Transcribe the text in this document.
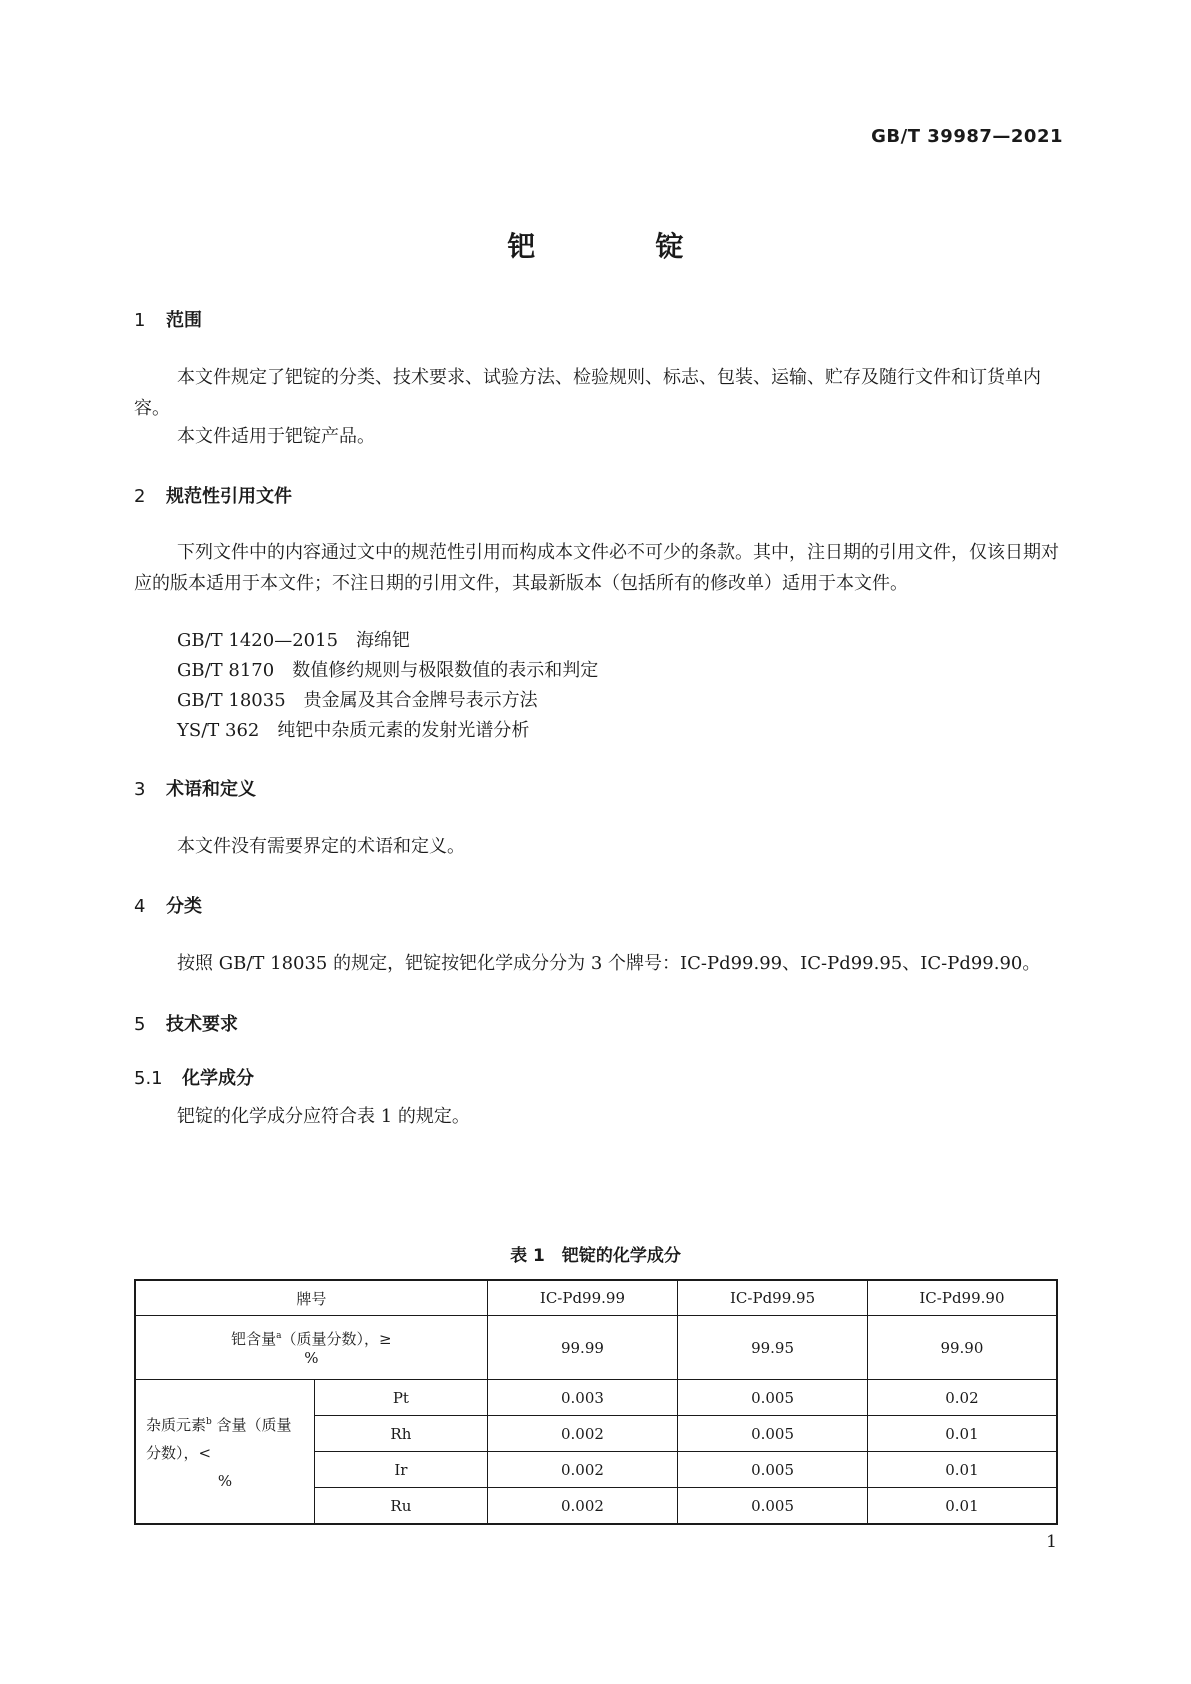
GB/T 39987—2021
钯锭
1 范围
本文件规定了钯锭的分类、技术要求、试验方法、检验规则、标志、包装、运输、贮存及随行文件和订货单内容。
本文件适用于钯锭产品。
2 规范性引用文件
下列文件中的内容通过文中的规范性引用而构成本文件必不可少的条款。其中，注日期的引用文件，仅该日期对应的版本适用于本文件；不注日期的引用文件，其最新版本（包括所有的修改单）适用于本文件。
GB/T 1420—2015 海绵钯
GB/T 8170 数值修约规则与极限数值的表示和判定
GB/T 18035 贵金属及其合金牌号表示方法
YS/T 362 纯钯中杂质元素的发射光谱分析
3 术语和定义
本文件没有需要界定的术语和定义。
4 分类
按照 GB/T 18035 的规定，钯锭按钯化学成分分为 3 个牌号：IC-Pd99.99、IC-Pd99.95、IC-Pd99.90。
5 技术要求
5.1 化学成分
钯锭的化学成分应符合表 1 的规定。
表 1　钯锭的化学成分
牌号		IC-Pd99.99	IC-Pd99.95	IC-Pd99.90
钯含量$^a$（质量分数），≥
%		99.99	99.95	99.90
杂质元素$^b$ 含量（质量分数），<
%	Pt	0.003	0.005	0.02
	Rh	0.002	0.005	0.01
	Ir	0.002	0.005	0.01
	Ru	0.002	0.005	0.01
1
